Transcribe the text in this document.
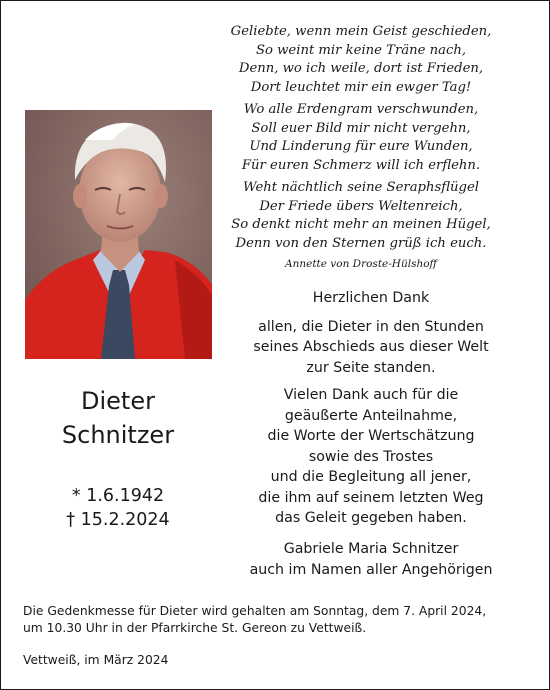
Geliebte, wenn mein Geist geschieden,
So weint mir keine Träne nach,
Denn, wo ich weile, dort ist Frieden,
Dort leuchtet mir ein ewger Tag!
Wo alle Erdengram verschwunden,
Soll euer Bild mir nicht vergehn,
Und Linderung für eure Wunden,
Für euren Schmerz will ich erflehn.
Weht nächtlich seine Seraphsflügel
Der Friede übers Weltenreich,
So denkt nicht mehr an meinen Hügel,
Denn von den Sternen grüß ich euch.
Annette von Droste-Hülshoff
Dieter
Schnitzer
* 1.6.1942
† 15.2.2024
Herzlichen Dank
allen, die Dieter in den Stunden
seines Abschieds aus dieser Welt
zur Seite standen.
Vielen Dank auch für die
geäußerte Anteilnahme,
die Worte der Wertschätzung
sowie des Trostes
und die Begleitung all jener,
die ihm auf seinem letzten Weg
das Geleit gegeben haben.
Gabriele Maria Schnitzer
auch im Namen aller Angehörigen
Die Gedenkmesse für Dieter wird gehalten am Sonntag, dem 7. April 2024,
um 10.30 Uhr in der Pfarrkirche St. Gereon zu Vettweiß.
Vettweiß, im März 2024
